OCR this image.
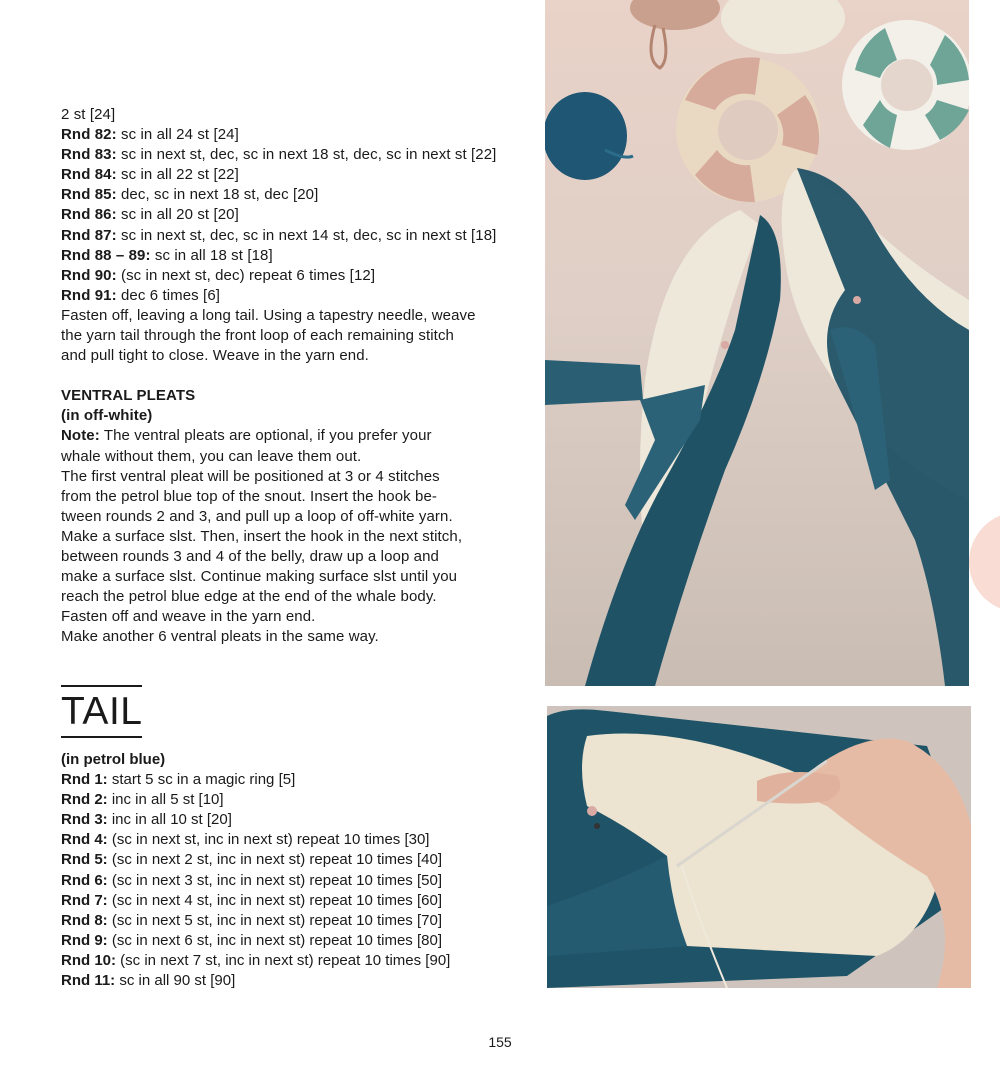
2 st [24]
Rnd 82: sc in all 24 st [24]
Rnd 83: sc in next st, dec, sc in next 18 st, dec, sc in next st [22]
Rnd 84: sc in all 22 st [22]
Rnd 85: dec, sc in next 18 st, dec [20]
Rnd 86: sc in all 20 st [20]
Rnd 87: sc in next st, dec, sc in next 14 st, dec, sc in next st [18]
Rnd 88 – 89: sc in all 18 st [18]
Rnd 90: (sc in next st, dec) repeat 6 times [12]
Rnd 91: dec 6 times [6]
Fasten off, leaving a long tail. Using a tapestry needle, weave
the yarn tail through the front loop of each remaining stitch
and pull tight to close. Weave in the yarn end.
VENTRAL PLEATS
(in off-white)
Note: The ventral pleats are optional, if you prefer your
whale without them, you can leave them out.
The first ventral pleat will be positioned at 3 or 4 stitches
from the petrol blue top of the snout. Insert the hook be-
tween rounds 2 and 3, and pull up a loop of off-white yarn.
Make a surface slst. Then, insert the hook in the next stitch,
between rounds 3 and 4 of the belly, draw up a loop and
make a surface slst. Continue making surface slst until you
reach the petrol blue edge at the end of the whale body.
Fasten off and weave in the yarn end.
Make another 6 ventral pleats in the same way.
TAIL
(in petrol blue)
Rnd 1: start 5 sc in a magic ring [5]
Rnd 2: inc in all 5 st [10]
Rnd 3: inc in all 10 st [20]
Rnd 4: (sc in next st, inc in next st) repeat 10 times [30]
Rnd 5: (sc in next 2 st, inc in next st) repeat 10 times [40]
Rnd 6: (sc in next 3 st, inc in next st) repeat 10 times [50]
Rnd 7: (sc in next 4 st, inc in next st) repeat 10 times [60]
Rnd 8: (sc in next 5 st, inc in next st) repeat 10 times [70]
Rnd 9: (sc in next 6 st, inc in next st) repeat 10 times [80]
Rnd 10: (sc in next 7 st, inc in next st) repeat 10 times [90]
Rnd 11: sc in all 90 st [90]
155
